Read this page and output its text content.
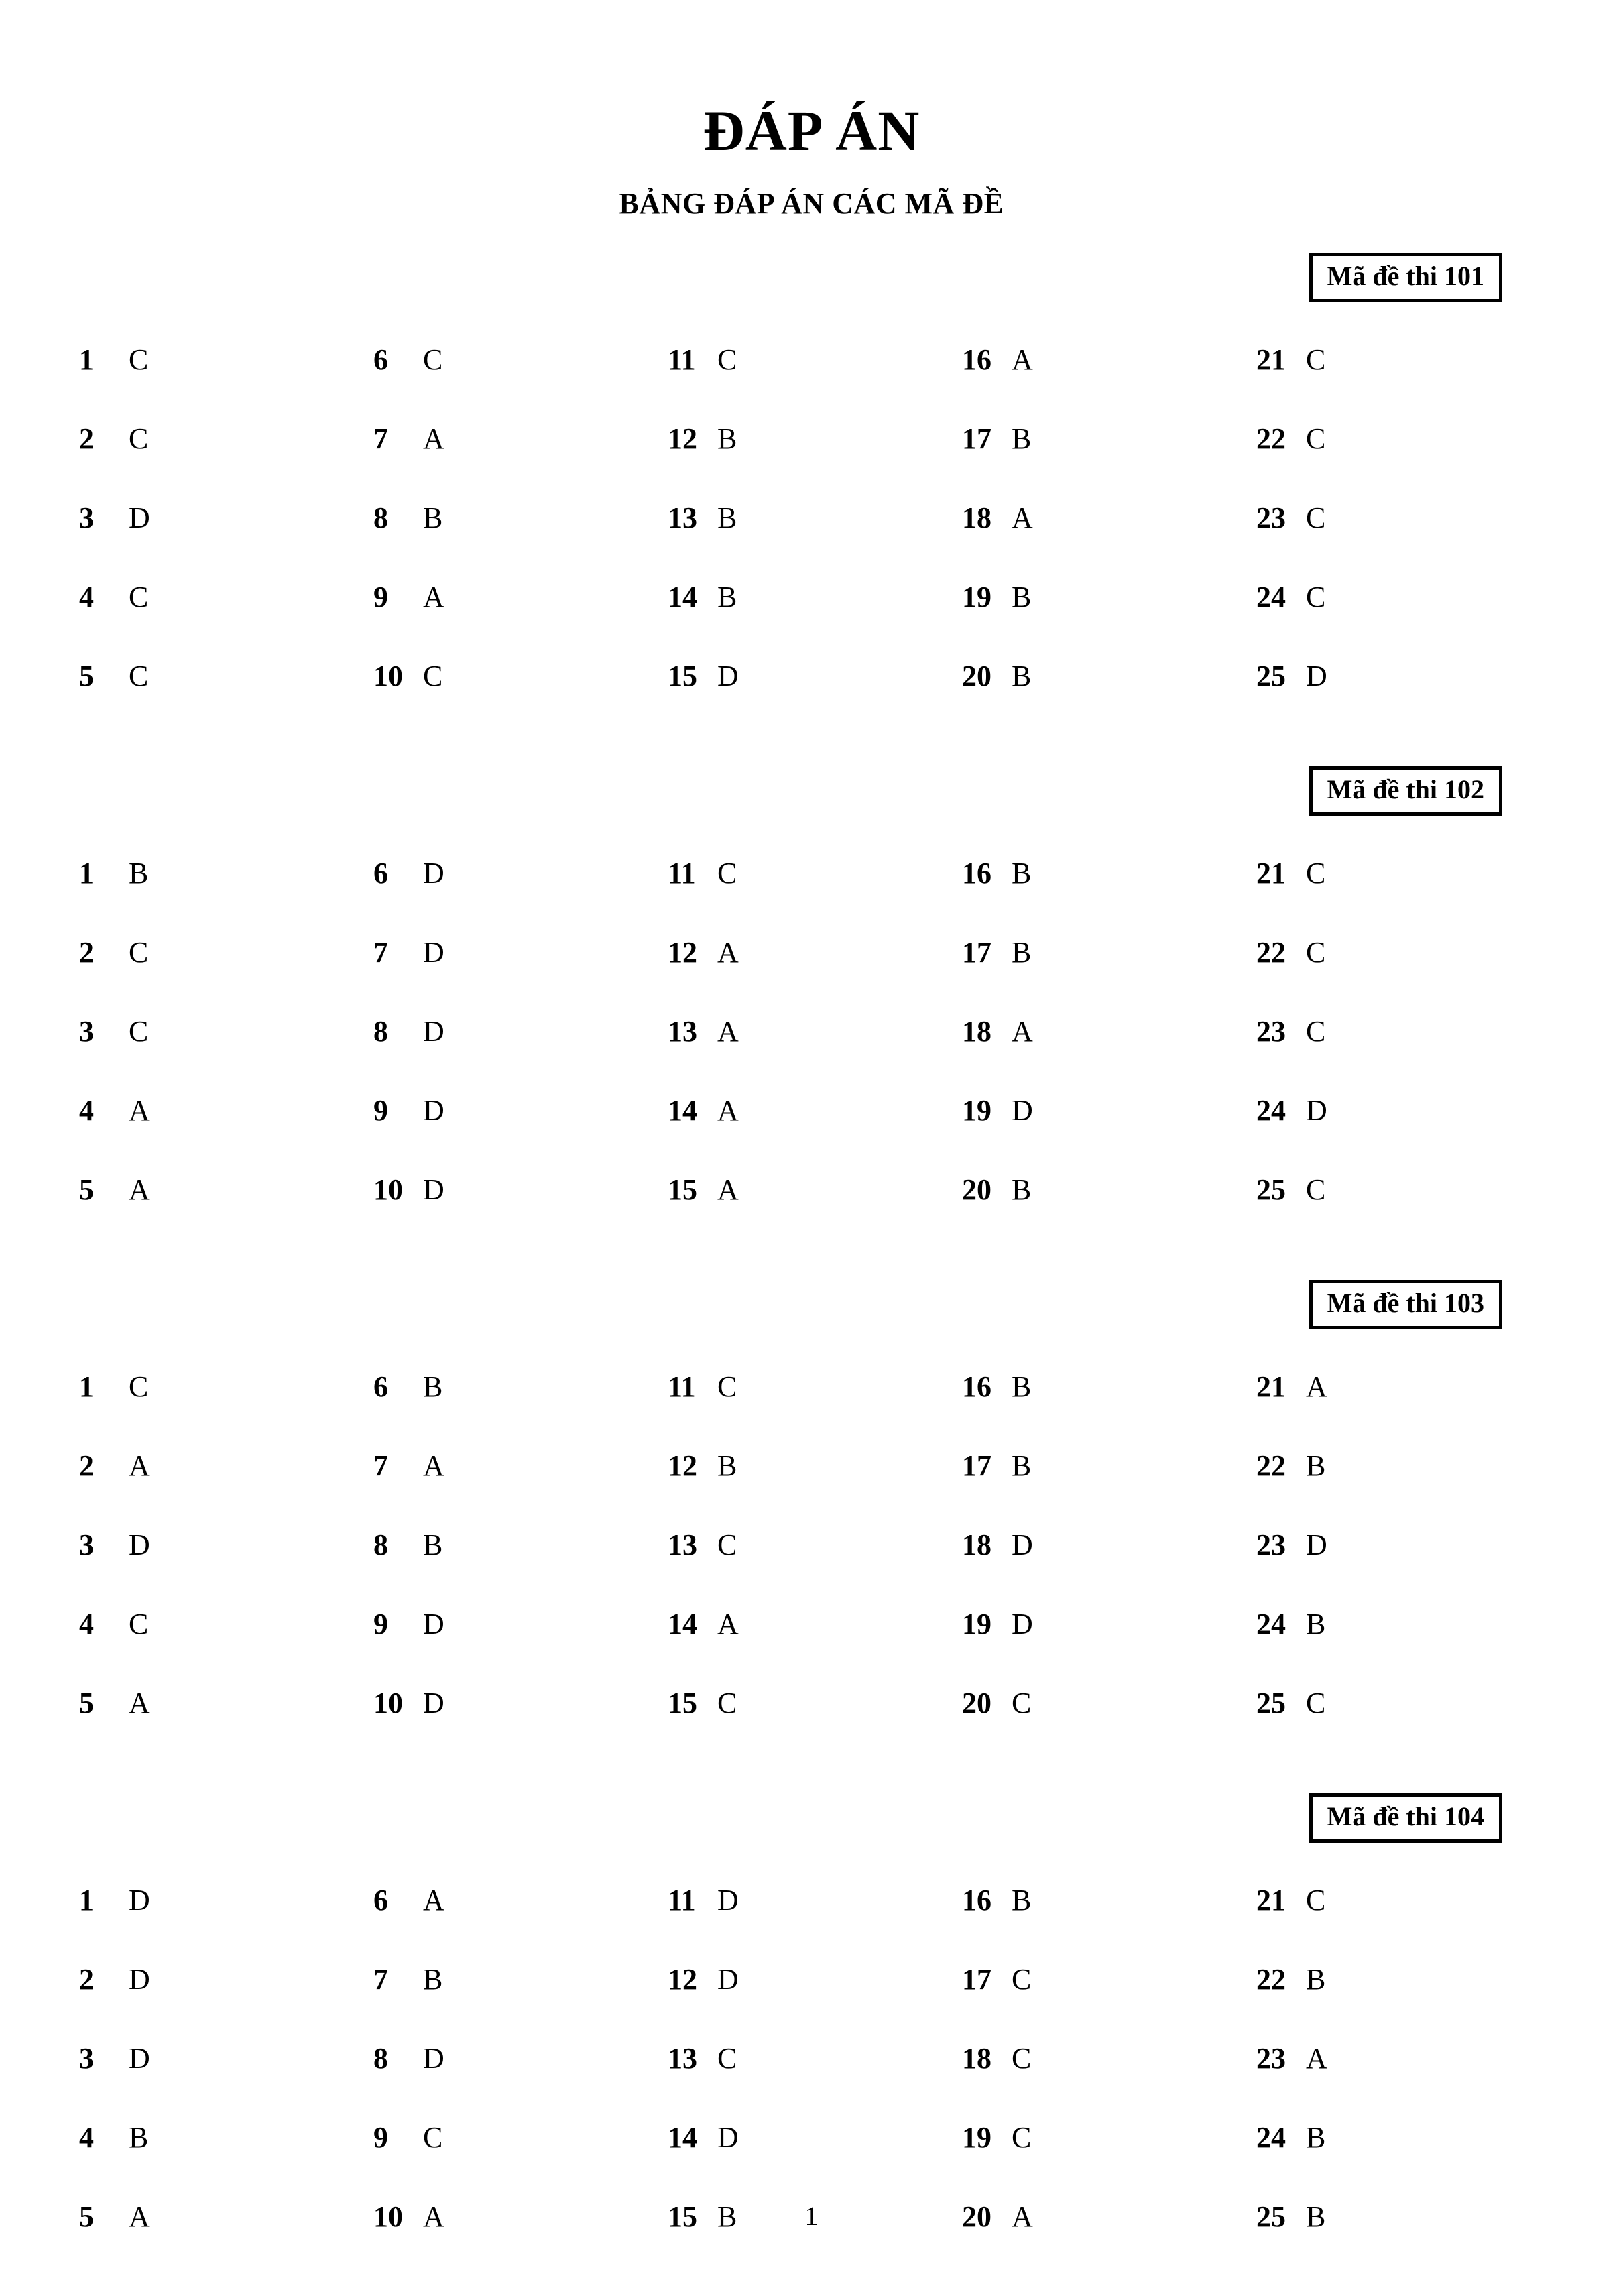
ĐÁP ÁN
BẢNG ĐÁP ÁN CÁC MÃ ĐỀ
Mã đề thi 101
1	C	6	C	11 C	16 A	21 C
2	C	7	A	12 B	17 B	22 C
3	D	8	B	13 B	18 A	23 C
4	C	9	A	14 B	19 B	24 C
5	C	10 C	15 D	20 B	25 D
Mã đề thi 102
1	B	6	D	11 C	16 B	21 C
2	C	7	D	12 A	17 B	22 C
3	C	8	D	13 A	18 A	23 C
4	A	9	D	14 A	19 D	24 D
5	A	10 D	15 A	20 B	25 C
Mã đề thi 103
1	C	6	B	11 C	16 B	21 A
2	A	7	A	12 B	17 B	22 B
3	D	8	B	13 C	18 D	23 D
4	C	9	D	14 A	19 D	24 B
5	A	10 D	15 C	20 C	25 C
Mã đề thi 104
1	D	6	A	11 D	16 B	21 C
2	D	7	B	12 D	17 C	22 B
3	D	8	D	13 C	18 C	23 A
4	B	9	C	14 D	19 C	24 B
5	A	10 A	15 B	20 A	25 B
1
